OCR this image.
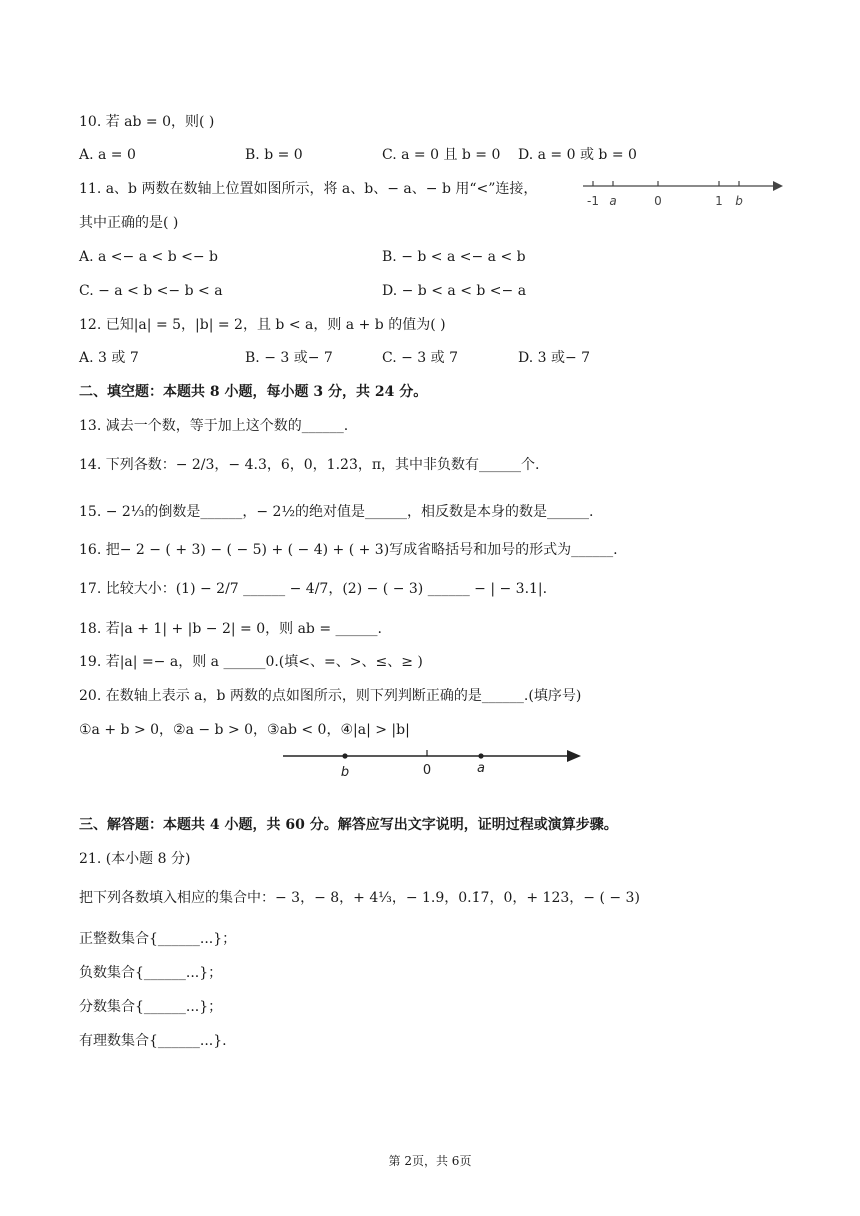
10. 若 ab = 0，则( )
A. a = 0	B. b = 0	C. a = 0 且 b = 0 D. a = 0 或 b = 0
11. a、b 两数在数轴上位置如图所示，将 a、b、− a、− b 用“<”连接，
其中正确的是( )
-1 a	0	1 b
A. a <− a < b <− b	B. − b < a <− a < b
C. − a < b <− b < a	D. − b < a < b <− a
12. 已知|a| = 5，|b| = 2，且 b < a，则 a + b 的值为( )
A. 3 或 7	B. − 3 或− 7	C. − 3 或 7	D. 3 或− 7
二、填空题：本题共 8 小题，每小题 3 分，共 24 分。
13. 减去一个数，等于加上这个数的______.
14. 下列各数：− 2/3，− 4.3，6，0，1.2̇3̇，π，其中非负数有______个.
15. − 2⅓的倒数是______，− 2½的绝对值是______，相反数是本身的数是______.
16. 把− 2 − ( + 3) − ( − 5) + ( − 4) + ( + 3)写成省略括号和加号的形式为______.
17. 比较大小：(1) − 2/7 ______ − 4/7，(2) − ( − 3) ______ − | − 3.1|.
18. 若|a + 1| + |b − 2| = 0，则 ab = ______.
19. 若|a| =− a，则 a ______0.(填<、=、>、≤、≥ )
20. 在数轴上表示 a，b 两数的点如图所示，则下列判断正确的是______.(填序号)
①a + b > 0，②a − b > 0，③ab < 0，④|a| > |b|
b	0	a
三、解答题：本题共 4 小题，共 60 分。解答应写出文字说明，证明过程或演算步骤。
21. (本小题 8 分)
把下列各数填入相应的集合中：− 3，− 8，+ 4⅓，− 1.9，0.1̇7̇，0，+ 123，− ( − 3)
正整数集合{______...}；
负数集合{______...}；
分数集合{______...}；
有理数集合{______...}.
第 2页，共 6页
